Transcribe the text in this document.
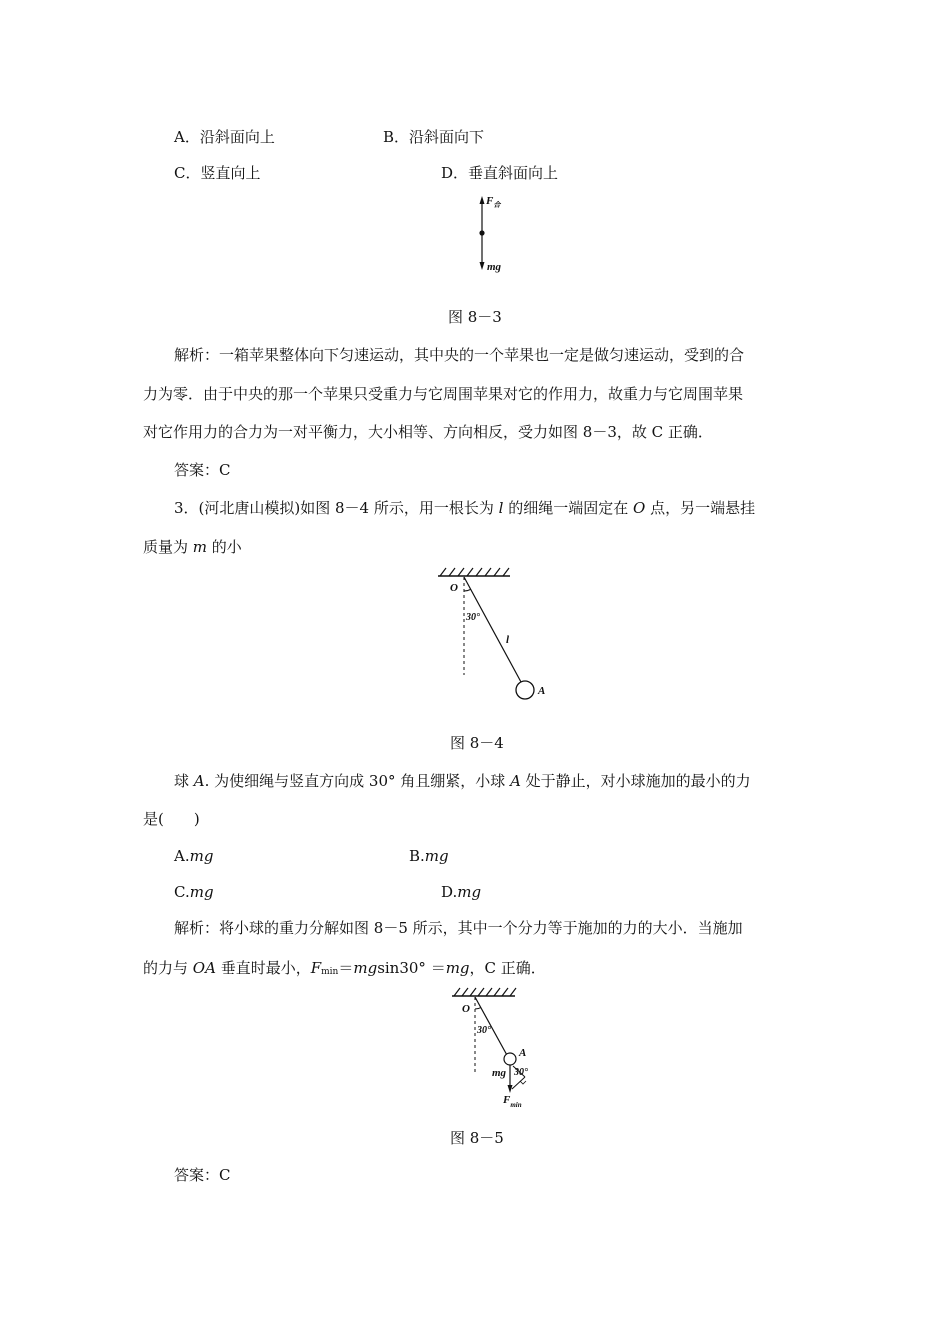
A．沿斜面向上	B．沿斜面向下
C．竖直向上	D．垂直斜面向上
$F_合$
mg
图 8－3
解析：一箱苹果整体向下匀速运动，其中央的一个苹果也一定是做匀速运动，受到的合
力为零．由于中央的那一个苹果只受重力与它周围苹果对它的作用力，故重力与它周围苹果
对它作用力的合力为一对平衡力，大小相等、方向相反，受力如图 8－3，故 C 正确．
答案：C
3．(河北唐山模拟)如图 8－4 所示，用一根长为 l 的细绳一端固定在 O 点，另一端悬挂
质量为 m 的小
O
30°
l
A
图 8－4
球 A. 为使细绳与竖直方向成 30° 角且绷紧，小球 A 处于静止，对小球施加的最小的力
是(　　)
A.mg	B.mg
C.mg	D.mg
解析：将小球的重力分解如图 8－5 所示，其中一个分力等于施加的力的大小．当施加
的力与 OA 垂直时最小，Fmin＝mgsin30° ＝mg，C 正确．
O
30°
A
mg 30°
$F_{min}$
图 8－5
答案：C
